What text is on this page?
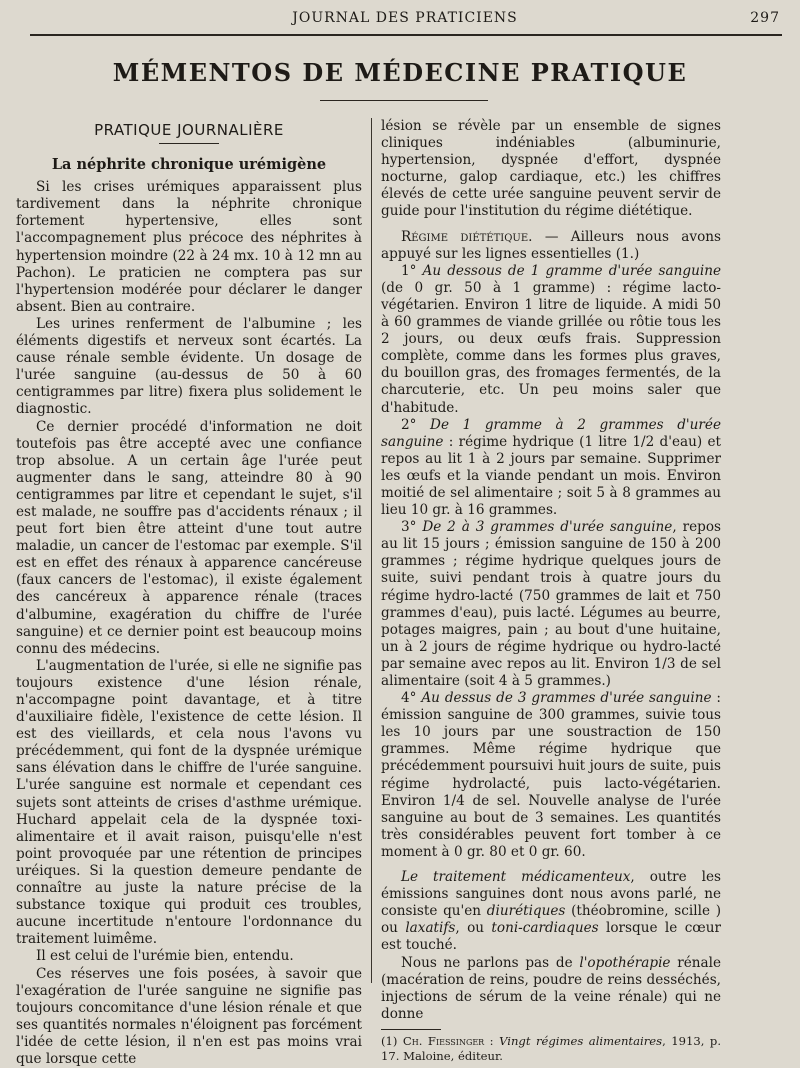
JOURNAL DES PRATICIENS	297
MÉMENTOS DE MÉDECINE PRATIQUE
PRATIQUE JOURNALIÈRE
La néphrite chronique urémigène

Si les crises urémiques apparaissent plus tardivement dans la néphrite chronique fortement hypertensive, elles sont l'accompagnement plus précoce des néphrites à hypertension moindre (22 à 24 mx. 10 à 12 mn au Pachon). Le praticien ne comptera pas sur l'hypertension modérée pour déclarer le danger absent. Bien au contraire.

Les urines renferment de l'albumine ; les éléments digestifs et nerveux sont écartés. La cause rénale semble évidente. Un dosage de l'urée sanguine (au-dessus de 50 à 60 centigrammes par litre) fixera plus solidement le diagnostic.

Ce dernier procédé d'information ne doit toutefois pas être accepté avec une confiance trop absolue. A un certain âge l'urée peut augmenter dans le sang, atteindre 80 à 90 centigrammes par litre et cependant le sujet, s'il est malade, ne souffre pas d'accidents rénaux ; il peut fort bien être atteint d'une tout autre maladie, un cancer de l'estomac par exemple. S'il est en effet des rénaux à apparence cancéreuse (faux cancers de l'estomac), il existe également des cancéreux à apparence rénale (traces d'albumine, exagération du chiffre de l'urée sanguine) et ce dernier point est beaucoup moins connu des médecins.

L'augmentation de l'urée, si elle ne signifie pas toujours existence d'une lésion rénale, n'accompagne point davantage, et à titre d'auxiliaire fidèle, l'existence de cette lésion. Il est des vieillards, et cela nous l'avons vu précédemment, qui font de la dyspnée urémique sans élévation dans le chiffre de l'urée sanguine. L'urée sanguine est normale et cependant ces sujets sont atteints de crises d'asthme urémique. Huchard appelait cela de la dyspnée toxi-alimentaire et il avait raison, puisqu'elle n'est point provoquée par une rétention de principes uréiques. Si la question demeure pendante de connaître au juste la nature précise de la substance toxique qui produit ces troubles, aucune incertitude n'entoure l'ordonnance du traitement luimême.

Il est celui de l'urémie bien, entendu.

Ces réserves une fois posées, à savoir que l'exagération de l'urée sanguine ne signifie pas toujours concomitance d'une lésion rénale et que ses quantités normales n'éloignent pas forcément l'idée de cette lésion, il n'en est pas moins vrai que lorsque cette

lésion se révèle par un ensemble de signes cliniques indéniables (albuminurie, hypertension, dyspnée d'effort, dyspnée nocturne, galop cardiaque, etc.) les chiffres élevés de cette urée sanguine peuvent servir de guide pour l'institution du régime diététique.

Régime diététique. — Ailleurs nous avons appuyé sur les lignes essentielles (1.)

1° Au dessous de 1 gramme d'urée sanguine (de 0 gr. 50 à 1 gramme) : régime lacto-végétarien. Environ 1 litre de liquide. A midi 50 à 60 grammes de viande grillée ou rôtie tous les 2 jours, ou deux œufs frais. Suppression complète, comme dans les formes plus graves, du bouillon gras, des fromages fermentés, de la charcuterie, etc. Un peu moins saler que d'habitude.

2° De 1 gramme à 2 grammes d'urée sanguine : régime hydrique (1 litre 1/2 d'eau) et repos au lit 1 à 2 jours par semaine. Supprimer les œufs et la viande pendant un mois. Environ moitié de sel alimentaire ; soit 5 à 8 grammes au lieu 10 gr. à 16 grammes.

3° De 2 à 3 grammes d'urée sanguine, repos au lit 15 jours ; émission sanguine de 150 à 200 grammes ; régime hydrique quelques jours de suite, suivi pendant trois à quatre jours du régime hydro-lacté (750 grammes de lait et 750 grammes d'eau), puis lacté. Légumes au beurre, potages maigres, pain ; au bout d'une huitaine, un à 2 jours de régime hydrique ou hydro-lacté par semaine avec repos au lit. Environ 1/3 de sel alimentaire (soit 4 à 5 grammes.)

4° Au dessus de 3 grammes d'urée sanguine : émission sanguine de 300 grammes, suivie tous les 10 jours par une soustraction de 150 grammes. Même régime hydrique que précédemment poursuivi huit jours de suite, puis régime hydrolacté, puis lacto-végétarien. Environ 1/4 de sel. Nouvelle analyse de l'urée sanguine au bout de 3 semaines. Les quantités très considérables peuvent fort tomber à ce moment à 0 gr. 80 et 0 gr. 60.

Le traitement médicamenteux, outre les émissions sanguines dont nous avons parlé, ne consiste qu'en diurétiques (théobromine, scille ) ou laxatifs, ou toni-cardiaques lorsque le cœur est touché.

Nous ne parlons pas de l'opothérapie rénale (macération de reins, poudre de reins desséchés, injections de sérum de la veine rénale) qui ne donne

(1) Ch. Fiessinger : Vingt régimes alimentaires, 1913, p. 17. Maloine, éditeur.
